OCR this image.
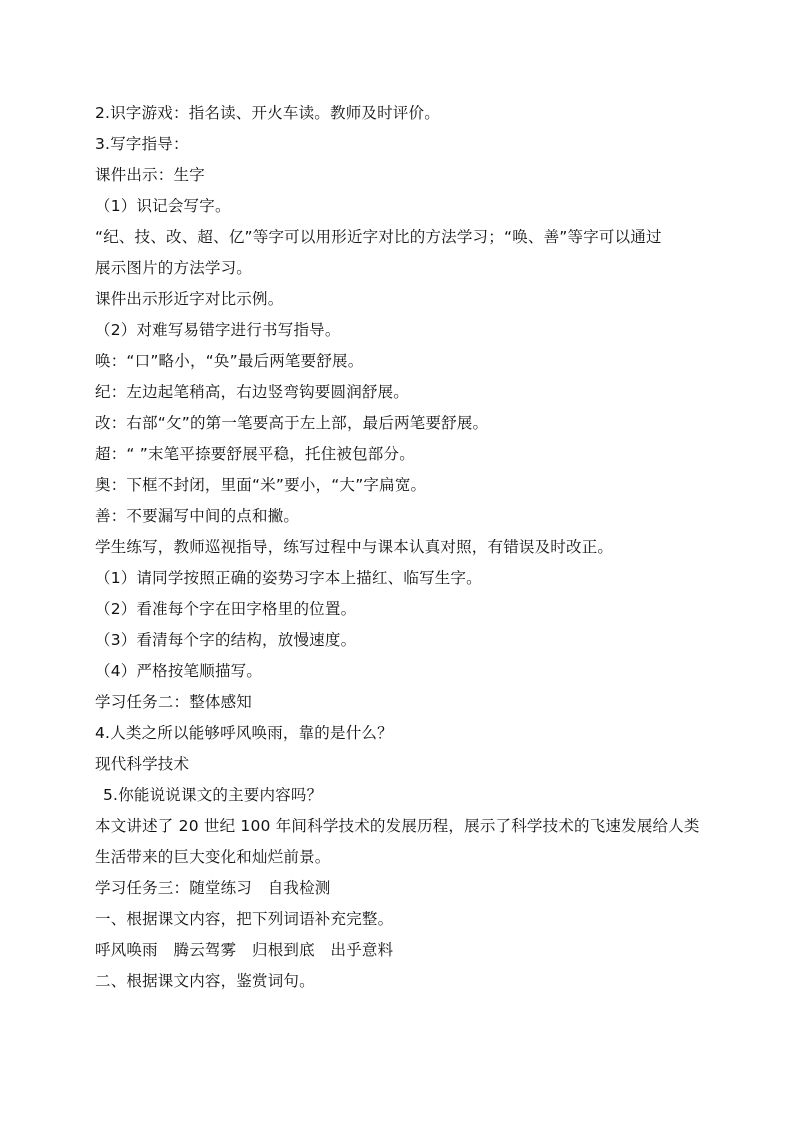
2.识字游戏：指名读、开火车读。教师及时评价。
3.写字指导：
课件出示：生字
（1）识记会写字。
“纪、技、改、超、亿”等字可以用形近字对比的方法学习；“唤、善”等字可以通过
展示图片的方法学习。
课件出示形近字对比示例。
（2）对难写易错字进行书写指导。
唤：“口”略小，“奂”最后两笔要舒展。
纪：左边起笔稍高，右边竖弯钩要圆润舒展。
改：右部“攵”的第一笔要高于左上部，最后两笔要舒展。
超：“ ”末笔平捺要舒展平稳，托住被包部分。
奥：下框不封闭，里面“米”要小，“大”字扁宽。
善：不要漏写中间的点和撇。
学生练写，教师巡视指导，练写过程中与课本认真对照，有错误及时改正。
（1）请同学按照正确的姿势习字本上描红、临写生字。
（2）看准每个字在田字格里的位置。
（3）看清每个字的结构，放慢速度。
（4）严格按笔顺描写。
学习任务二：整体感知
4.人类之所以能够呼风唤雨，靠的是什么？
现代科学技术
5.你能说说课文的主要内容吗？
本文讲述了 20 世纪 100 年间科学技术的发展历程，展示了科学技术的飞速发展给人类
生活带来的巨大变化和灿烂前景。
学习任务三：随堂练习　自我检测
一、根据课文内容，把下列词语补充完整。
呼风唤雨　腾云驾雾　归根到底　出乎意料
二、根据课文内容，鉴赏词句。
